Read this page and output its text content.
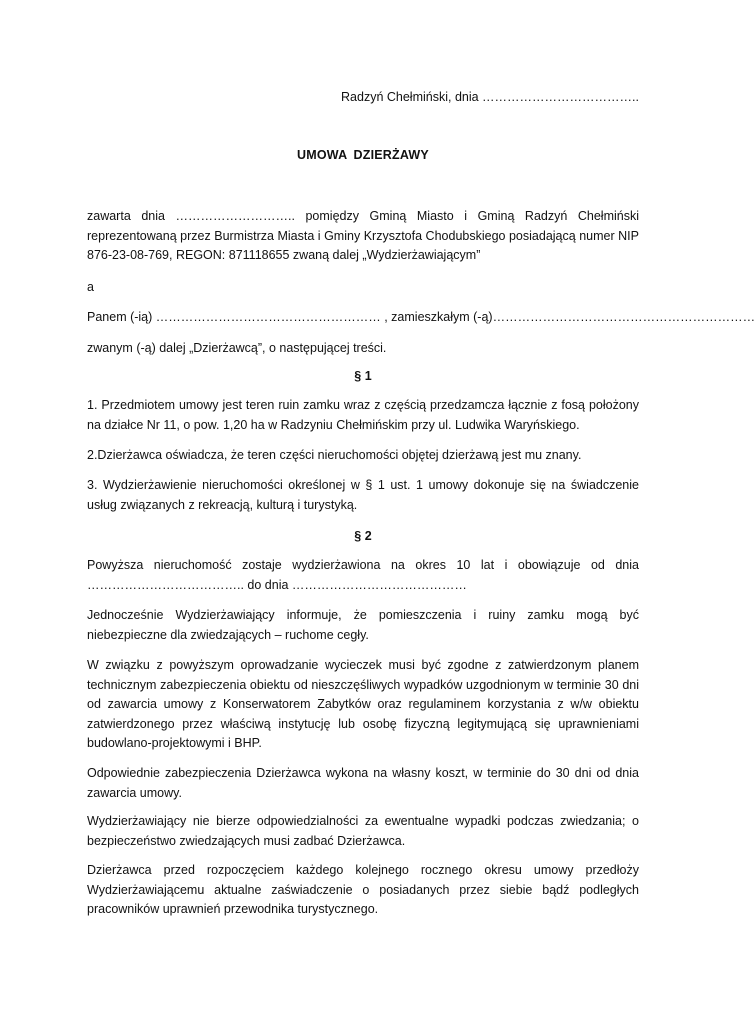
Radzyń Chełmiński, dnia ………………………………..
UMOWA DZIERŻAWY
zawarta dnia ……………………….. pomiędzy Gminą Miasto i Gminą Radzyń Chełmiński reprezentowaną przez Burmistrza Miasta i Gminy Krzysztofa Chodubskiego posiadającą numer NIP 876-23-08-769, REGON: 871118655 zwaną dalej „Wydzierżawiającym”
a
Panem (-ią) ……………………………………………… , zamieszkałym (-ą)………………………………………………………
zwanym (-ą) dalej „Dzierżawcą”, o następującej treści.
§ 1
1. Przedmiotem umowy jest teren ruin zamku wraz z częścią przedzamcza łącznie z fosą położony na działce Nr 11, o pow. 1,20 ha w Radzyniu Chełmińskim przy ul. Ludwika Waryńskiego.
2.Dzierżawca oświadcza, że teren części nieruchomości objętej dzierżawą jest mu znany.
3. Wydzierżawienie nieruchomości określonej w § 1 ust. 1 umowy dokonuje się na świadczenie usług związanych z rekreacją, kulturą i turystyką.
§ 2
Powyższa nieruchomość zostaje wydzierżawiona na okres 10 lat i obowiązuje od dnia ……………………………….. do dnia ……………………………………
Jednocześnie Wydzierżawiający informuje, że pomieszczenia i ruiny zamku mogą być niebezpieczne dla zwiedzających – ruchome cegły.
W związku z powyższym oprowadzanie wycieczek musi być zgodne z zatwierdzonym planem technicznym zabezpieczenia obiektu od nieszczęśliwych wypadków uzgodnionym w terminie 30 dni od zawarcia umowy z Konserwatorem Zabytków oraz regulaminem korzystania z w/w obiektu zatwierdzonego przez właściwą instytucję lub osobę fizyczną legitymującą się uprawnieniami budowlano-projektowymi i BHP.
Odpowiednie zabezpieczenia Dzierżawca wykona na własny koszt, w terminie do 30 dni od dnia zawarcia umowy.
Wydzierżawiający nie bierze odpowiedzialności za ewentualne wypadki podczas zwiedzania; o bezpieczeństwo zwiedzających musi zadbać Dzierżawca.
Dzierżawca przed rozpoczęciem każdego kolejnego rocznego okresu umowy przedłoży Wydzierżawiającemu aktualne zaświadczenie o posiadanych przez siebie bądź podległych pracowników uprawnień przewodnika turystycznego.
